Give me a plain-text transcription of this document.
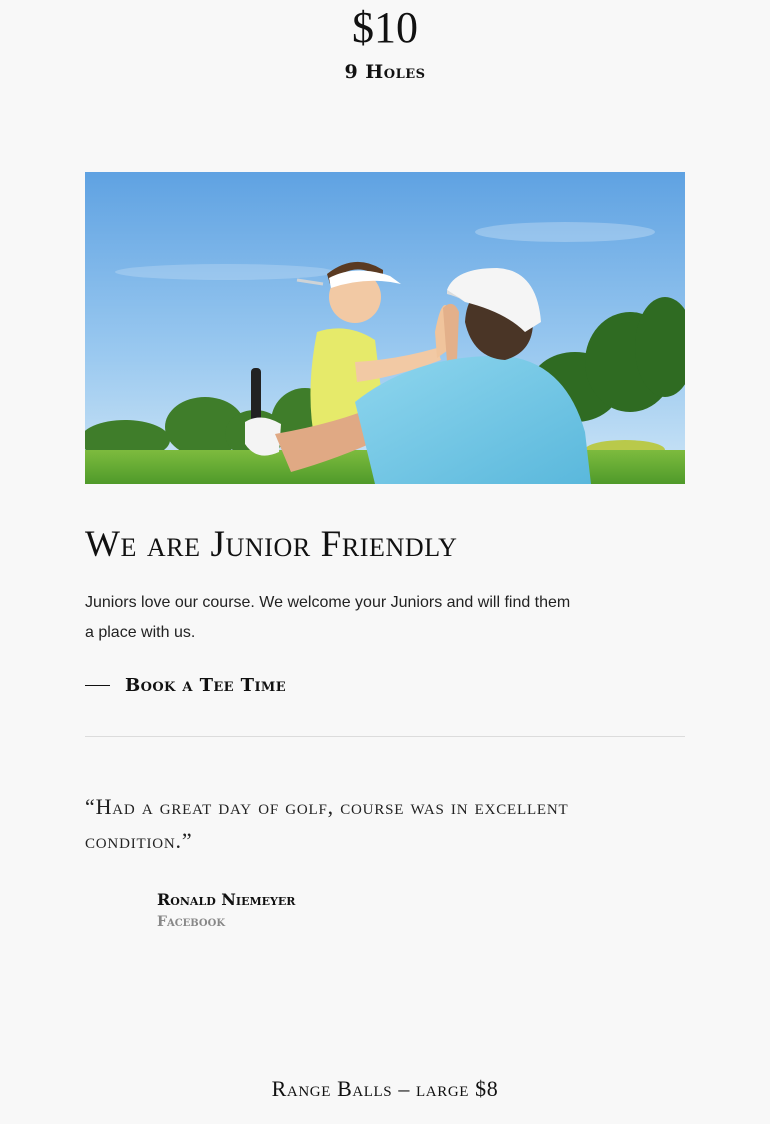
$10
9 Holes
We are Junior Friendly
Juniors love our course. We welcome your Juniors and will find them a place with us.
Book a Tee Time
“Had a great day of golf, course was in excellent condition.”
Ronald Niemeyer
Facebook
Range Balls – large $8
